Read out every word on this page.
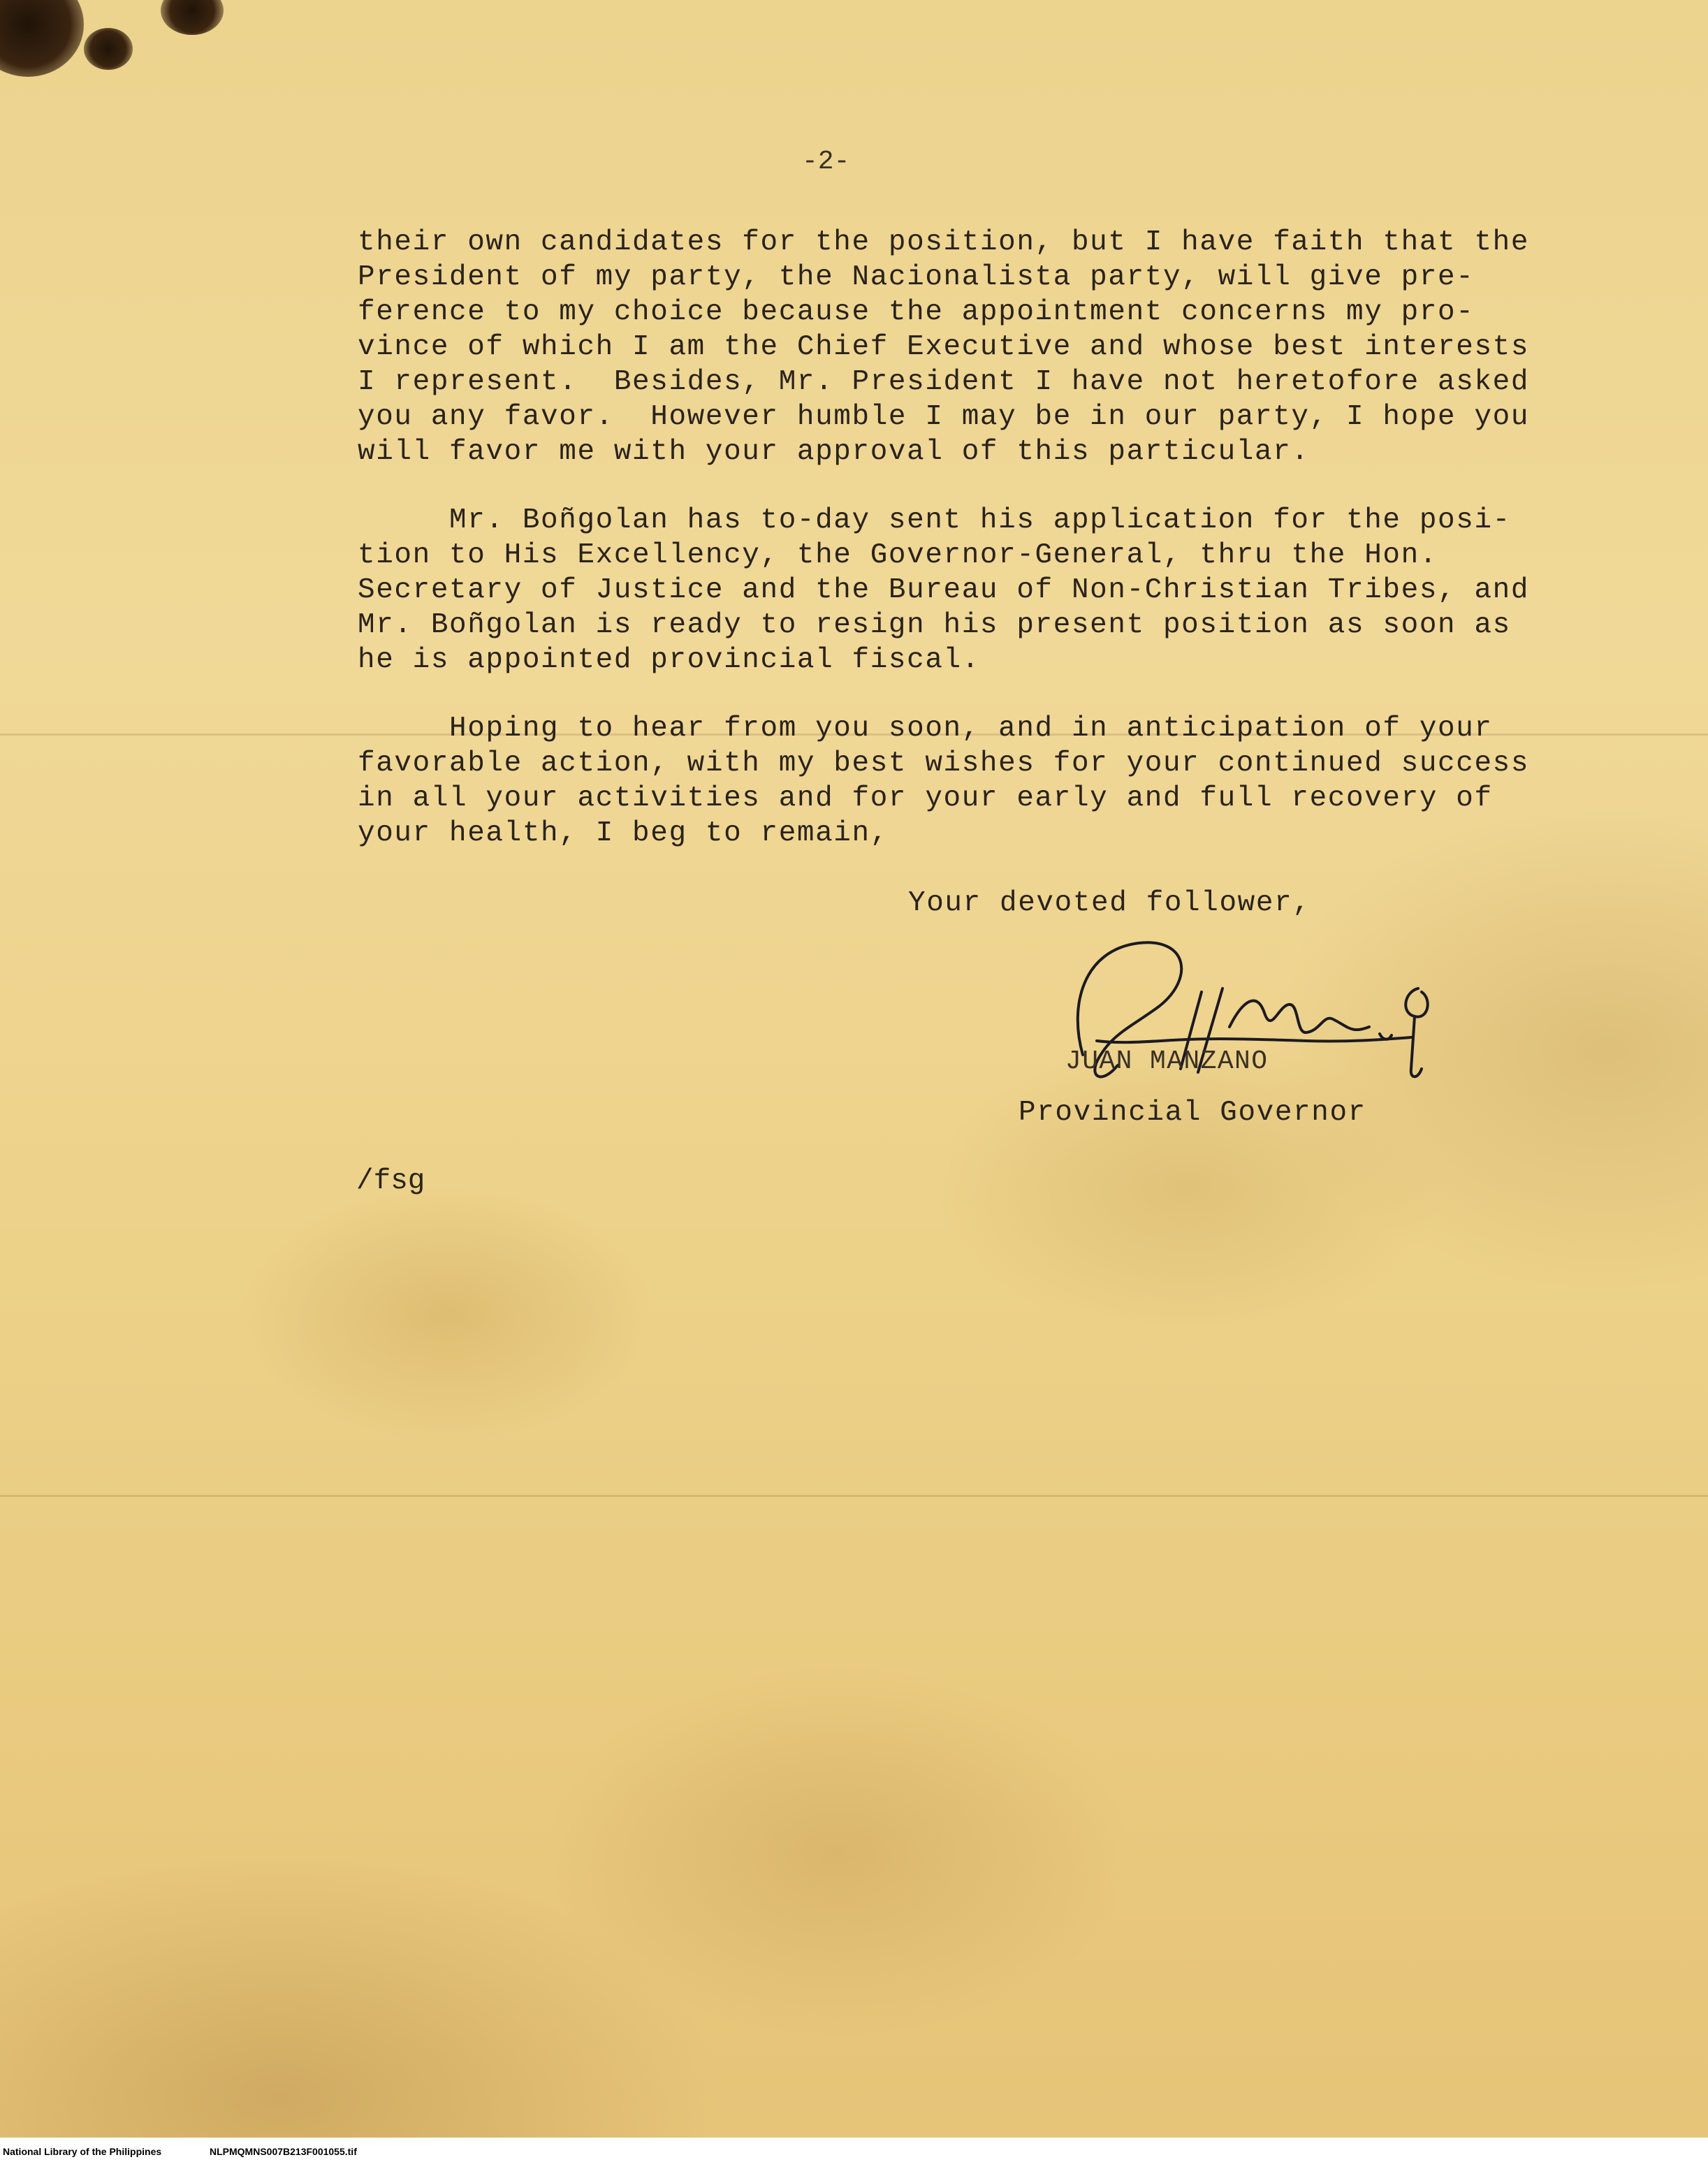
-2-

their own candidates for the position, but I have faith that the

President of my party, the Nacionalista party, will give pre-

ference to my choice because the appointment concerns my pro-

vince of which I am the Chief Executive and whose best interests

I represent.  Besides, Mr. President I have not heretofore asked

you any favor.  However humble I may be in our party, I hope you

will favor me with your approval of this particular.

Mr. Boñgolan has to-day sent his application for the posi-

tion to His Excellency, the Governor-General, thru the Hon.

Secretary of Justice and the Bureau of Non-Christian Tribes, and

Mr. Boñgolan is ready to resign his present position as soon as

he is appointed provincial fiscal.

Hoping to hear from you soon, and in anticipation of your

favorable action, with my best wishes for your continued success

in all your activities and for your early and full recovery of

your health, I beg to remain,

Your devoted follower,
JUAN MANZANO
Provincial Governor
/fsg
National Library of the Philippines	NLPMQMNS007B213F001055.tif
